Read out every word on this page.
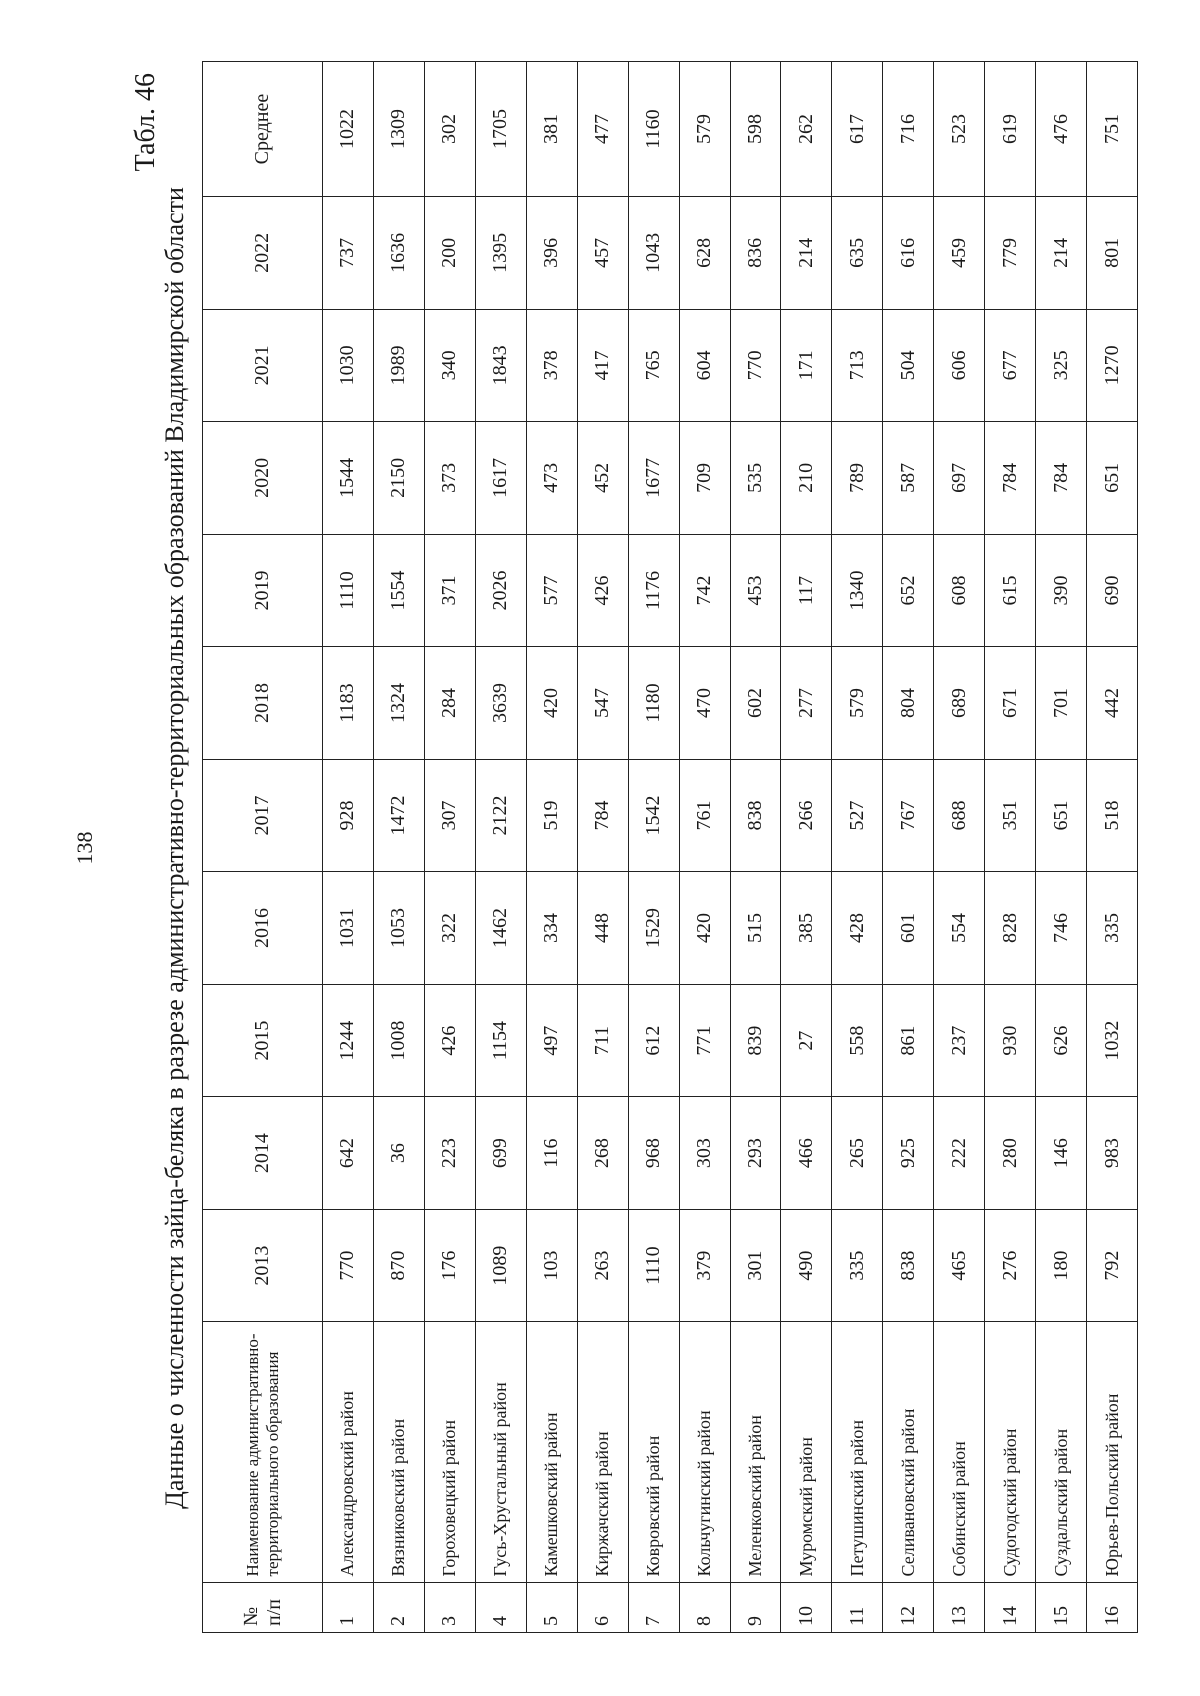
138
Табл. 46
Данные о численности зайца-беляка в разрезе административно-территориальных образований Владимирской области
№ п/п	Наименование административно-территориального образования	2013	2014	2015	2016	2017	2018	2019	2020	2021	2022	Среднее
1	Александровский район	770	642	1244	1031	928	1183	1110	1544	1030	737	1022
2	Вязниковский район	870	36	1008	1053	1472	1324	1554	2150	1989	1636	1309
3	Гороховецкий район	176	223	426	322	307	284	371	373	340	200	302
4	Гусь-Хрустальный район	1089	699	1154	1462	2122	3639	2026	1617	1843	1395	1705
5	Камешковский район	103	116	497	334	519	420	577	473	378	396	381
6	Киржачский район	263	268	711	448	784	547	426	452	417	457	477
7	Ковровский район	1110	968	612	1529	1542	1180	1176	1677	765	1043	1160
8	Кольчугинский район	379	303	771	420	761	470	742	709	604	628	579
9	Меленковский район	301	293	839	515	838	602	453	535	770	836	598
10	Муромский район	490	466	27	385	266	277	117	210	171	214	262
11	Петушинский район	335	265	558	428	527	579	1340	789	713	635	617
12	Селивановский район	838	925	861	601	767	804	652	587	504	616	716
13	Собинский район	465	222	237	554	688	689	608	697	606	459	523
14	Судогодский район	276	280	930	828	351	671	615	784	677	779	619
15	Суздальский район	180	146	626	746	651	701	390	784	325	214	476
16	Юрьев-Польский район	792	983	1032	335	518	442	690	651	1270	801	751
